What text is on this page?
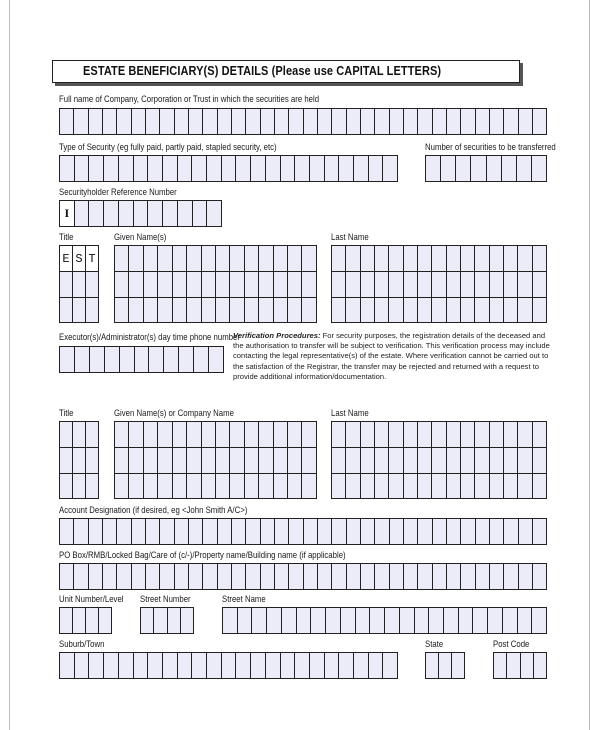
ESTATE BENEFICIARY(S) DETAILS (Please use CAPITAL LETTERS)
Full name of Company, Corporation or Trust in which the securities are held
Type of Security (eg fully paid, partly paid, stapled security, etc)	Number of securities to be transferred
Securityholder Reference Number
I
Title	Given Name(s)	Last Name
E S T
Executor(s)/Administrator(s) day time phone number
Verification Procedures: For security purposes, the registration details of the deceased and the authorisation to transfer will be subject to verification. This verification process may include contacting the legal representative(s) of the estate. Where verification cannot be carried out to the satisfaction of the Registrar, the transfer may be rejected and returned with a request to provide additional information/documentation.
Title	Given Name(s) or Company Name	Last Name
Account Designation (if desired, eg <John Smith A/C>)
PO Box/RMB/Locked Bag/Care of (c/-)/Property name/Building name (if applicable)
Unit Number/Level Street Number	Street Name
Suburb/Town	State	Post Code
